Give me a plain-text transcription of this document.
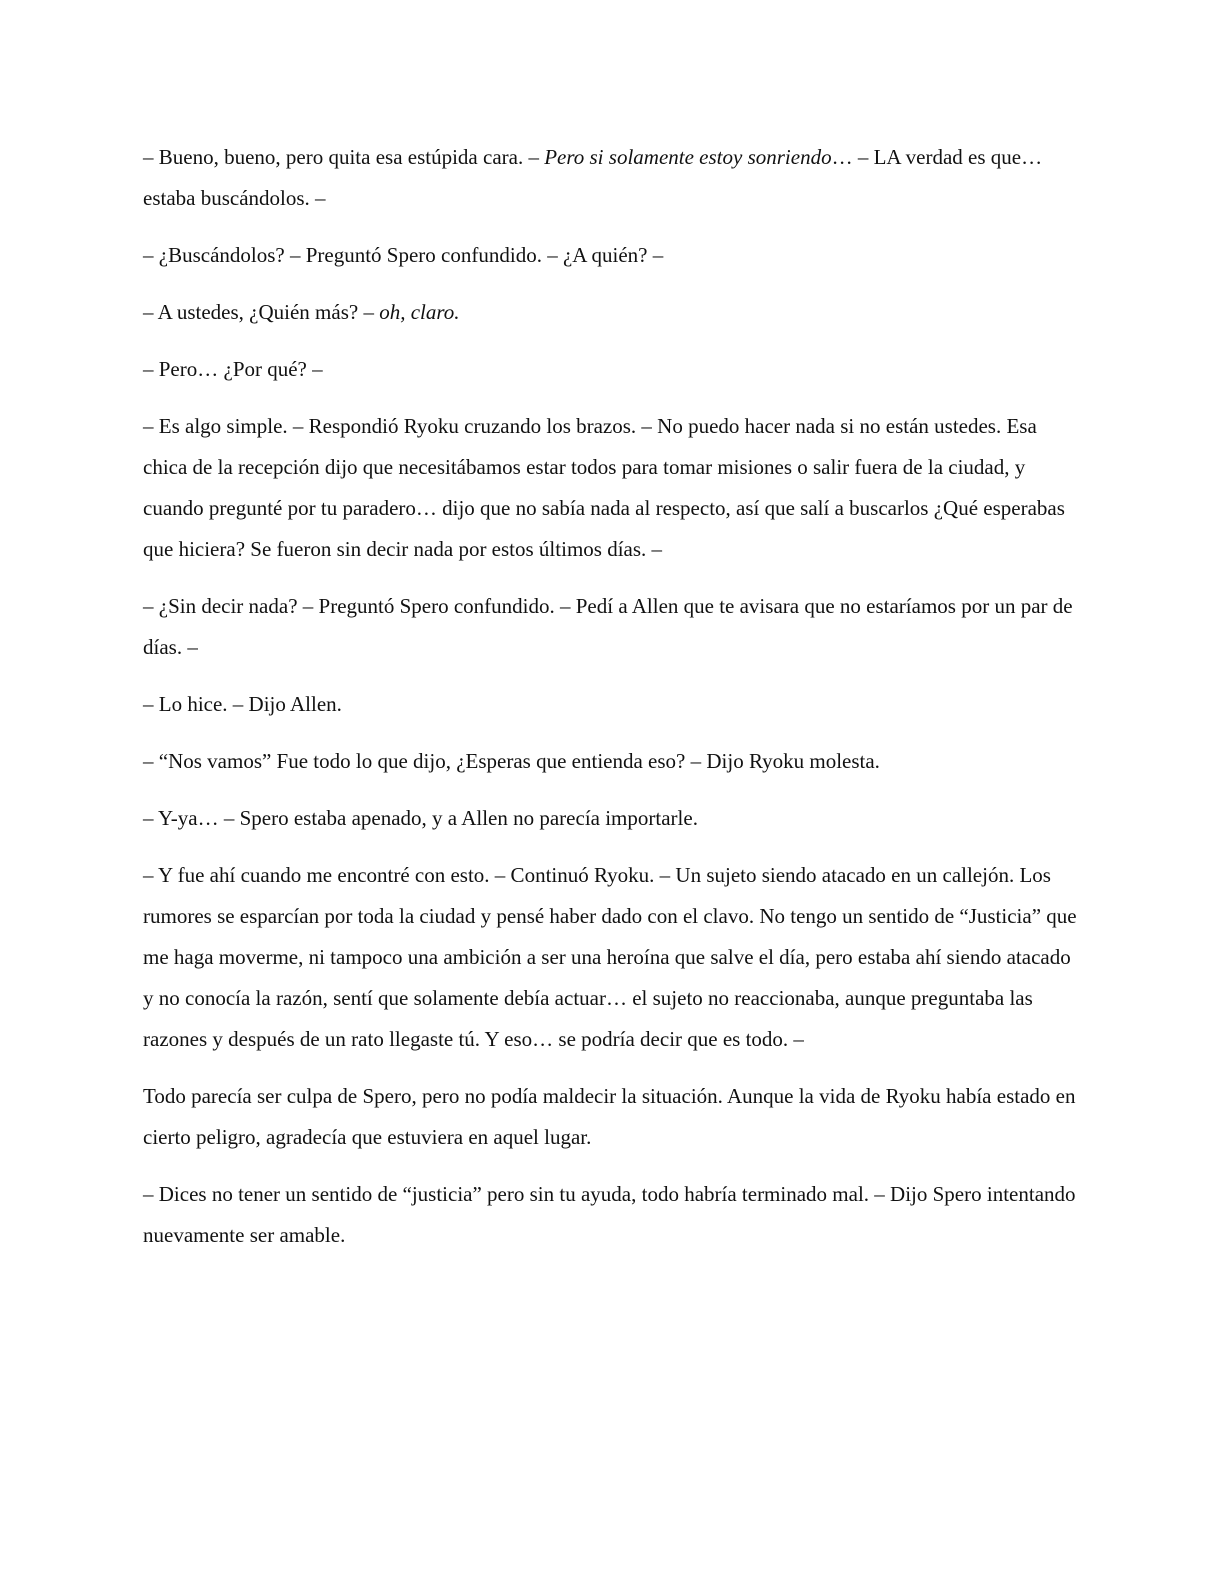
– Bueno, bueno, pero quita esa estúpida cara. – Pero si solamente estoy sonriendo… – LA verdad es que… estaba buscándolos. –

– ¿Buscándolos? – Preguntó Spero confundido. – ¿A quién? –

– A ustedes, ¿Quién más? – oh, claro.

– Pero… ¿Por qué? –

– Es algo simple. – Respondió Ryoku cruzando los brazos. – No puedo hacer nada si no están ustedes. Esa chica de la recepción dijo que necesitábamos estar todos para tomar misiones o salir fuera de la ciudad, y cuando pregunté por tu paradero… dijo que no sabía nada al respecto, así que salí a buscarlos ¿Qué esperabas que hiciera? Se fueron sin decir nada por estos últimos días. –

– ¿Sin decir nada? – Preguntó Spero confundido. – Pedí a Allen que te avisara que no estaríamos por un par de días. –

– Lo hice. – Dijo Allen.

– “Nos vamos” Fue todo lo que dijo, ¿Esperas que entienda eso? – Dijo Ryoku molesta.

– Y-ya… – Spero estaba apenado, y a Allen no parecía importarle.

– Y fue ahí cuando me encontré con esto. – Continuó Ryoku. – Un sujeto siendo atacado en un callejón. Los rumores se esparcían por toda la ciudad y pensé haber dado con el clavo. No tengo un sentido de “Justicia” que me haga moverme, ni tampoco una ambición a ser una heroína que salve el día, pero estaba ahí siendo atacado y no conocía la razón, sentí que solamente debía actuar… el sujeto no reaccionaba, aunque preguntaba las razones y después de un rato llegaste tú. Y eso… se podría decir que es todo. –

Todo parecía ser culpa de Spero, pero no podía maldecir la situación. Aunque la vida de Ryoku había estado en cierto peligro, agradecía que estuviera en aquel lugar.

– Dices no tener un sentido de “justicia” pero sin tu ayuda, todo habría terminado mal. – Dijo Spero intentando nuevamente ser amable.
